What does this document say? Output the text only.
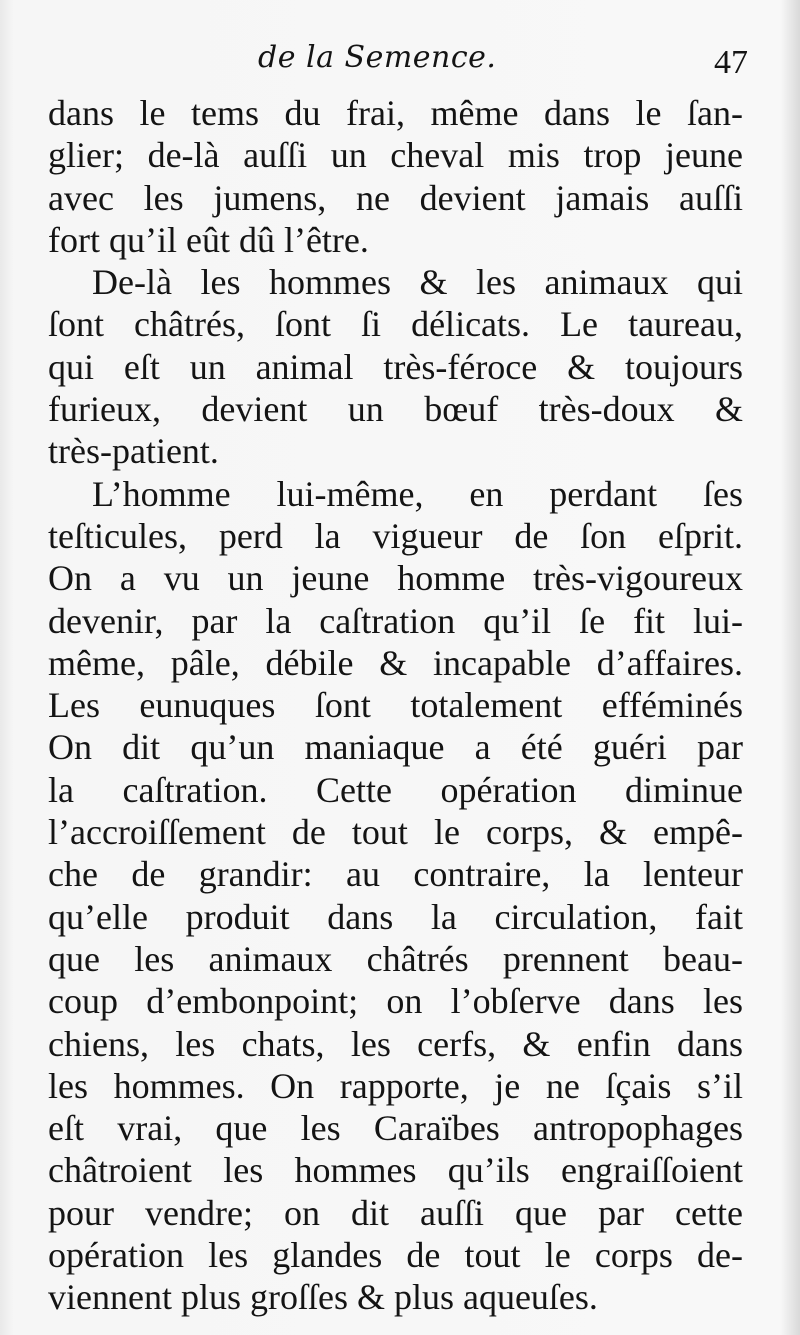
de la Semence.	47
dans le tems du frai, même dans le ſan-
glier; de-là auſſi un cheval mis trop jeune
avec les jumens, ne devient jamais auſſi
fort qu’il eût dû l’être.
De-là les hommes & les animaux qui
ſont châtrés, ſont ſi délicats. Le taureau,
qui eſt un animal très-féroce & toujours
furieux, devient un bœuf très-doux &
très-patient.
L’homme lui-même, en perdant ſes
teſticules, perd la vigueur de ſon eſprit.
On a vu un jeune homme très-vigoureux
devenir, par la caſtration qu’il ſe fit lui-
même, pâle, débile & incapable d’affaires.
Les eunuques ſont totalement efféminés
On dit qu’un maniaque a été guéri par
la caſtration. Cette opération diminue
l’accroiſſement de tout le corps, & empê-
che de grandir: au contraire, la lenteur
qu’elle produit dans la circulation, fait
que les animaux châtrés prennent beau-
coup d’embonpoint; on l’obſerve dans les
chiens, les chats, les cerfs, & enfin dans
les hommes. On rapporte, je ne ſçais s’il
eſt vrai, que les Caraïbes antropophages
châtroient les hommes qu’ils engraiſſoient
pour vendre; on dit auſſi que par cette
opération les glandes de tout le corps de-
viennent plus groſſes & plus aqueuſes.
